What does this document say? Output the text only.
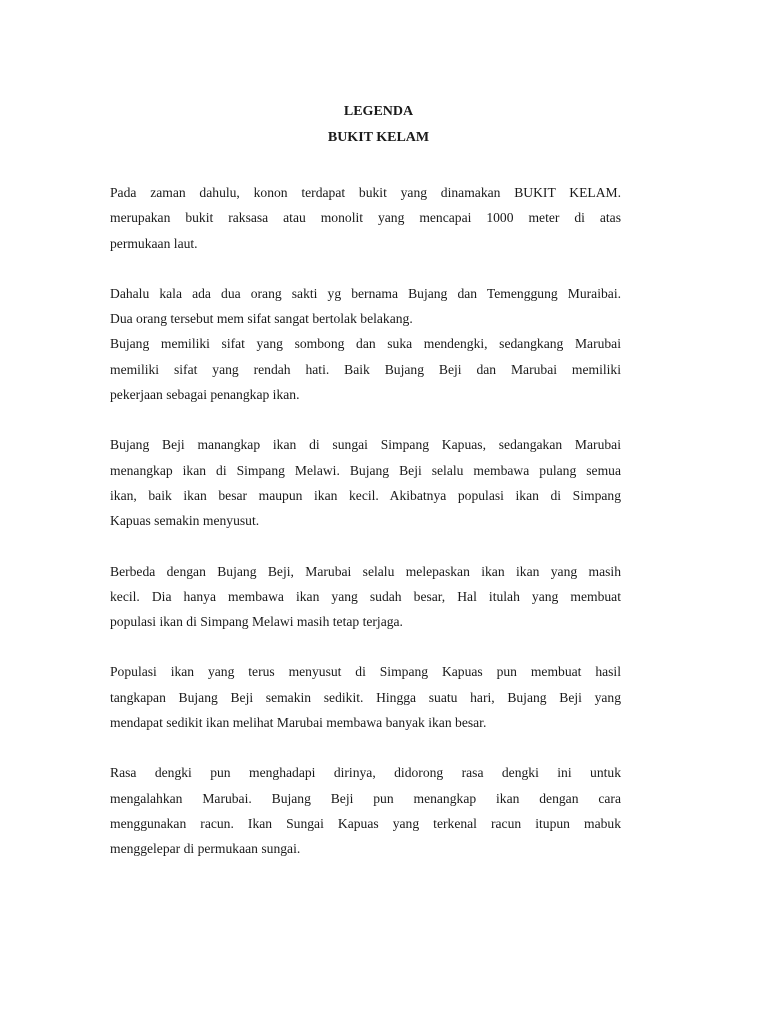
LEGENDA

BUKIT KELAM

Pada zaman dahulu, konon terdapat bukit yang dinamakan BUKIT KELAM.
merupakan bukit raksasa atau monolit yang mencapai 1000 meter di atas
permukaan laut.

Dahalu kala ada dua orang sakti yg bernama Bujang dan Temenggung Muraibai.
Dua orang tersebut mem sifat sangat bertolak belakang.

Bujang memiliki sifat yang sombong dan suka mendengki, sedangkang Marubai
memiliki sifat yang rendah hati. Baik Bujang Beji dan Marubai memiliki
pekerjaan sebagai penangkap ikan.

Bujang Beji manangkap ikan di sungai Simpang Kapuas, sedangakan Marubai
menangkap ikan di Simpang Melawi. Bujang Beji selalu membawa pulang semua
ikan, baik ikan besar maupun ikan kecil. Akibatnya populasi ikan di Simpang
Kapuas semakin menyusut.

Berbeda dengan Bujang Beji, Marubai selalu melepaskan ikan ikan yang masih
kecil. Dia hanya membawa ikan yang sudah besar, Hal itulah yang membuat
populasi ikan di Simpang Melawi masih tetap terjaga.

Populasi ikan yang terus menyusut di Simpang Kapuas pun membuat hasil
tangkapan Bujang Beji semakin sedikit. Hingga suatu hari, Bujang Beji yang
mendapat sedikit ikan melihat Marubai membawa banyak ikan besar.

Rasa dengki pun menghadapi dirinya, didorong rasa dengki ini untuk
mengalahkan Marubai. Bujang Beji pun menangkap ikan dengan cara
menggunakan racun. Ikan Sungai Kapuas yang terkenal racun itupun mabuk
menggelepar di permukaan sungai.
